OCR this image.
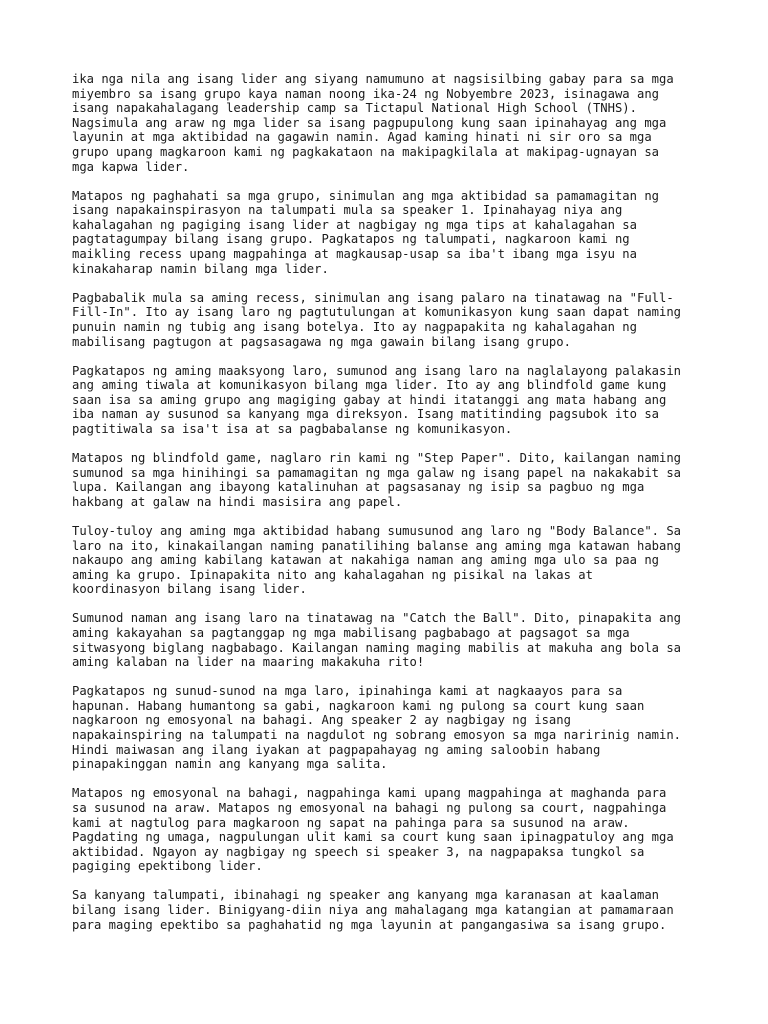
ika nga nila ang isang lider ang siyang namumuno at nagsisilbing gabay para sa mga
miyembro sa isang grupo kaya naman noong ika-24 ng Nobyembre 2023, isinagawa ang
isang napakahalagang leadership camp sa Tictapul National High School (TNHS).
Nagsimula ang araw ng mga lider sa isang pagpupulong kung saan ipinahayag ang mga
layunin at mga aktibidad na gagawin namin. Agad kaming hinati ni sir oro sa mga
grupo upang magkaroon kami ng pagkakataon na makipagkilala at makipag-ugnayan sa
mga kapwa lider.

Matapos ng paghahati sa mga grupo, sinimulan ang mga aktibidad sa pamamagitan ng
isang napakainspirasyon na talumpati mula sa speaker 1. Ipinahayag niya ang
kahalagahan ng pagiging isang lider at nagbigay ng mga tips at kahalagahan sa
pagtatagumpay bilang isang grupo. Pagkatapos ng talumpati, nagkaroon kami ng
maikling recess upang magpahinga at magkausap-usap sa iba't ibang mga isyu na
kinakaharap namin bilang mga lider.

Pagbabalik mula sa aming recess, sinimulan ang isang palaro na tinatawag na "Full-
Fill-In". Ito ay isang laro ng pagtutulungan at komunikasyon kung saan dapat naming
punuin namin ng tubig ang isang botelya. Ito ay nagpapakita ng kahalagahan ng
mabilisang pagtugon at pagsasagawa ng mga gawain bilang isang grupo.

Pagkatapos ng aming maaksyong laro, sumunod ang isang laro na naglalayong palakasin
ang aming tiwala at komunikasyon bilang mga lider. Ito ay ang blindfold game kung
saan isa sa aming grupo ang magiging gabay at hindi itatanggi ang mata habang ang
iba naman ay susunod sa kanyang mga direksyon. Isang matitinding pagsubok ito sa
pagtitiwala sa isa't isa at sa pagbabalanse ng komunikasyon.

Matapos ng blindfold game, naglaro rin kami ng "Step Paper". Dito, kailangan naming
sumunod sa mga hinihingi sa pamamagitan ng mga galaw ng isang papel na nakakabit sa
lupa. Kailangan ang ibayong katalinuhan at pagsasanay ng isip sa pagbuo ng mga
hakbang at galaw na hindi masisira ang papel.

Tuloy-tuloy ang aming mga aktibidad habang sumusunod ang laro ng "Body Balance". Sa
laro na ito, kinakailangan naming panatilihing balanse ang aming mga katawan habang
nakaupo ang aming kabilang katawan at nakahiga naman ang aming mga ulo sa paa ng
aming ka grupo. Ipinapakita nito ang kahalagahan ng pisikal na lakas at
koordinasyon bilang isang lider.

Sumunod naman ang isang laro na tinatawag na "Catch the Ball". Dito, pinapakita ang
aming kakayahan sa pagtanggap ng mga mabilisang pagbabago at pagsagot sa mga
sitwasyong biglang nagbabago. Kailangan naming maging mabilis at makuha ang bola sa
aming kalaban na lider na maaring makakuha rito!

Pagkatapos ng sunud-sunod na mga laro, ipinahinga kami at nagkaayos para sa
hapunan. Habang humantong sa gabi, nagkaroon kami ng pulong sa court kung saan
nagkaroon ng emosyonal na bahagi. Ang speaker 2 ay nagbigay ng isang
napakainspiring na talumpati na nagdulot ng sobrang emosyon sa mga naririnig namin.
Hindi maiwasan ang ilang iyakan at pagpapahayag ng aming saloobin habang
pinapakinggan namin ang kanyang mga salita.

Matapos ng emosyonal na bahagi, nagpahinga kami upang magpahinga at maghanda para
sa susunod na araw. Matapos ng emosyonal na bahagi ng pulong sa court, nagpahinga
kami at nagtulog para magkaroon ng sapat na pahinga para sa susunod na araw.
Pagdating ng umaga, nagpulungan ulit kami sa court kung saan ipinagpatuloy ang mga
aktibidad. Ngayon ay nagbigay ng speech si speaker 3, na nagpapaksa tungkol sa
pagiging epektibong lider.

Sa kanyang talumpati, ibinahagi ng speaker ang kanyang mga karanasan at kaalaman
bilang isang lider. Binigyang-diin niya ang mahalagang mga katangian at pamamaraan
para maging epektibo sa paghahatid ng mga layunin at pangangasiwa sa isang grupo.
